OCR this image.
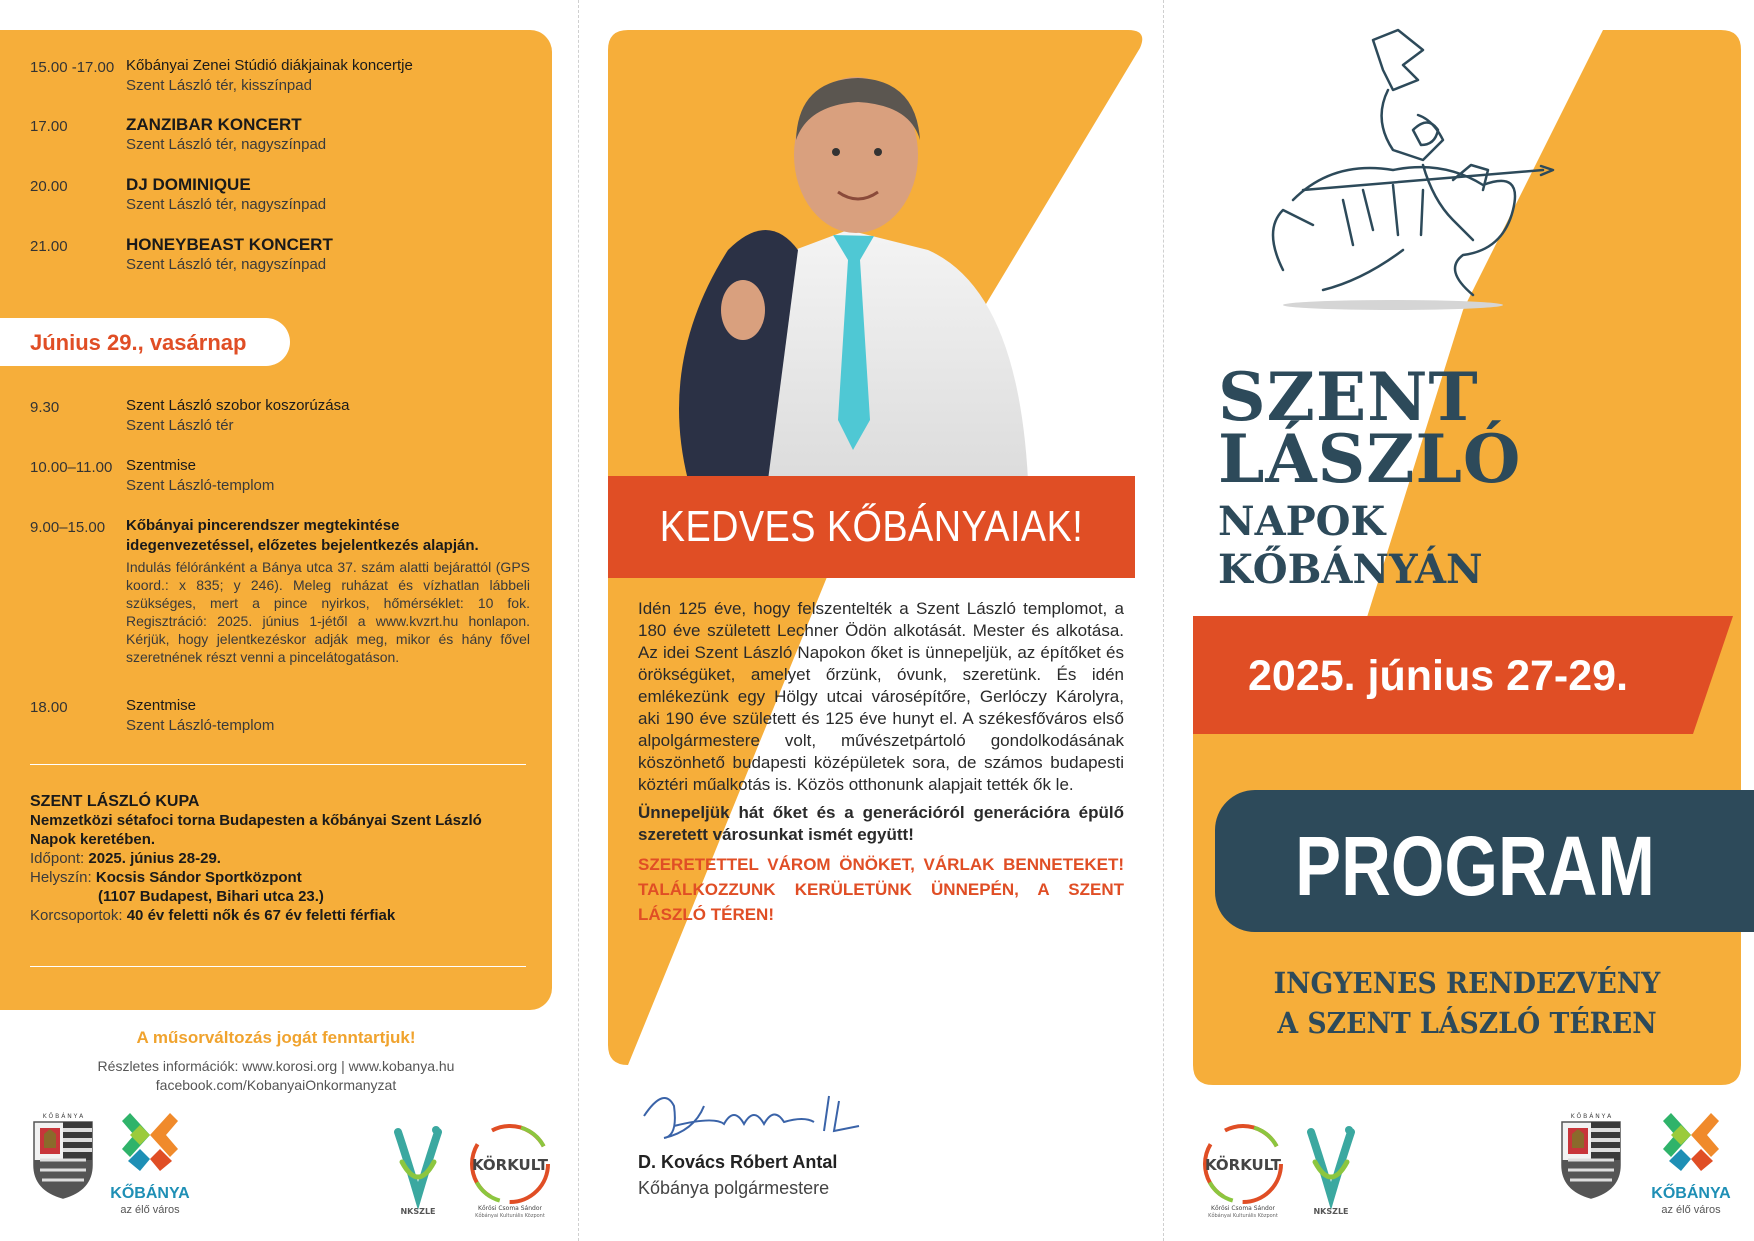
15.00 -17.00 Kőbányai Zenei Stúdió diákjainak koncertje
Szent László tér, kisszínpad
17.00	ZANZIBAR KONCERT
Szent László tér, nagyszínpad
20.00	DJ DOMINIQUE
Szent László tér, nagyszínpad
21.00	HONEYBEAST KONCERT
Szent László tér, nagyszínpad
Június 29., vasárnap
9.30	Szent László szobor koszorúzása
Szent László tér
10.00–11.00 Szentmise
Szent László-templom
9.00–15.00	Kőbányai pincerendszer megtekintése idegenvezetéssel, előzetes bejelentkezés alapján.
Indulás félóránként a Bánya utca 37. szám alatti bejárattól (GPS koord.: x 835; y 246). Meleg ruházat és vízhatlan lábbeli szükséges, mert a pince nyirkos, hőmérséklet: 10 fok. Regisztráció: 2025. június 1-jétől a www.kvzrt.hu honlapon. Kérjük, hogy jelentkezéskor adják meg, mikor és hány fővel szeretnének részt venni a pincelátogatáson.
18.00	Szentmise
Szent László-templom
SZENT LÁSZLÓ KUPA
Nemzetközi sétafoci torna Budapesten a kőbányai Szent László Napok keretében.
Időpont: 2025. június 28-29.
Helyszín: Kocsis Sándor Sportközpont
(1107 Budapest, Bihari utca 23.)
Korcsoportok: 40 év feletti nők és 67 év feletti férfiak
A műsorváltozás jogát fenntartjuk!
Részletes információk: www.korosi.org | www.kobanya.hu
facebook.com/KobanyaiOnkormanyzat
K Ő B Á N Y A
KŐBÁNYA
az élő város	NKSZLE
KÖRKULT
Kőrösi Csoma Sándor
Kőbányai Kulturális Központ
KEDVES KŐBÁNYAIAK!

Idén 125 éve, hogy felszentelték a Szent László templomot, a 180 éve született Lechner Ödön alkotását. Mester és alkotása. Az idei Szent László Napokon őket is ünnepeljük, az építőket és örökségüket, amelyet őrzünk, óvunk, szeretünk. És idén emlékezünk egy Hölgy utcai városépítőre, Gerlóczy Károlyra, aki 190 éve született és 125 éve hunyt el. A székesfőváros első alpolgármestere volt, művészetpártoló gondolkodásának köszönhető budapesti középületek sora, de számos budapesti köztéri műalkotás is. Közös otthonunk alapjait tették ők le.

Ünnepeljük hát őket és a generációról generációra épülő szeretett városunkat ismét együtt!

SZERETETTEL VÁROM ÖNÖKET, VÁRLAK BENNETEKET! TALÁLKOZZUNK KERÜLETÜNK ÜNNEPÉN, A SZENT LÁSZLÓ TÉREN!

D. Kovács Róbert Antal
Kőbánya polgármestere
SZENT
LÁSZLÓ
NAPOK
KŐBÁNYÁN
2025. június 27-29.
PROGRAM
INGYENES RENDEZVÉNY
A SZENT LÁSZLÓ TÉREN
KÖRKULT
Kőrösi Csoma Sándor
Kőbányai Kulturális Központ	NKSZLE
K Ő B Á N Y A
KŐBÁNYA
az élő város
